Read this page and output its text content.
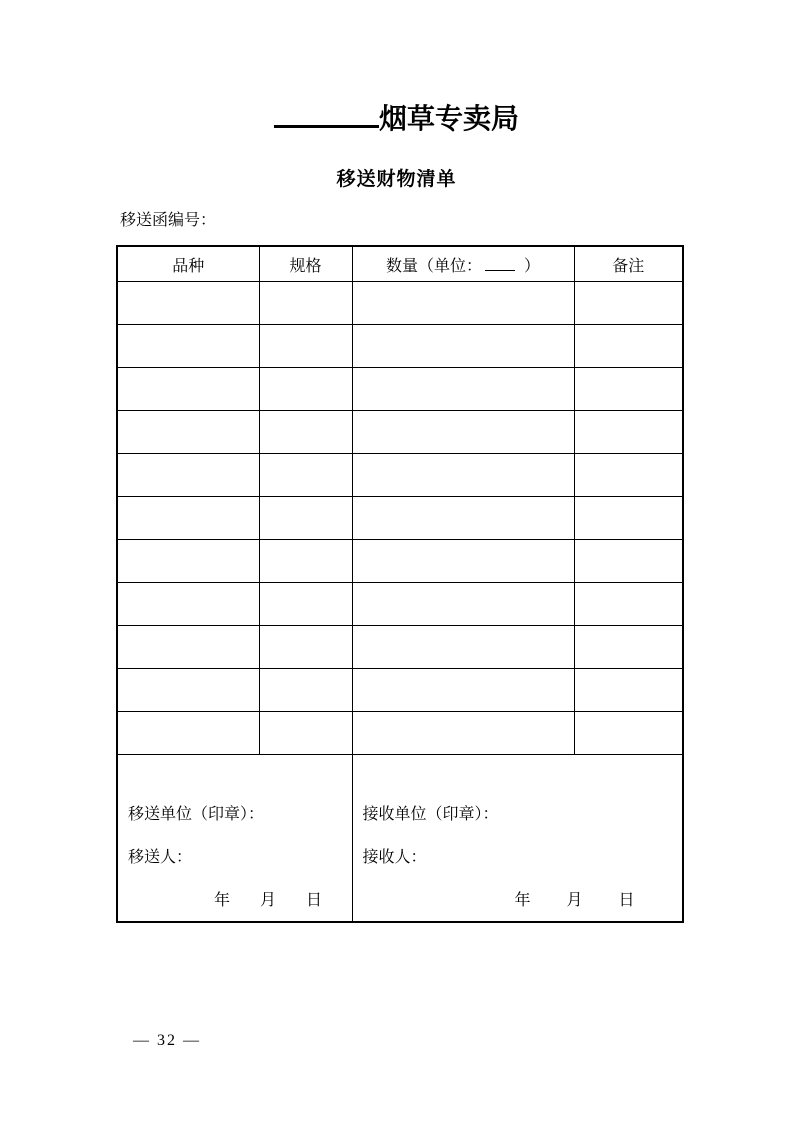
烟草专卖局
移送财物清单
移送函编号：
品种	规格	数量（单位： ）	备注

移送单位（印章）：
移送人：
年 月 日

接收单位（印章）：
接收人：
年 月 日
— 32 —
